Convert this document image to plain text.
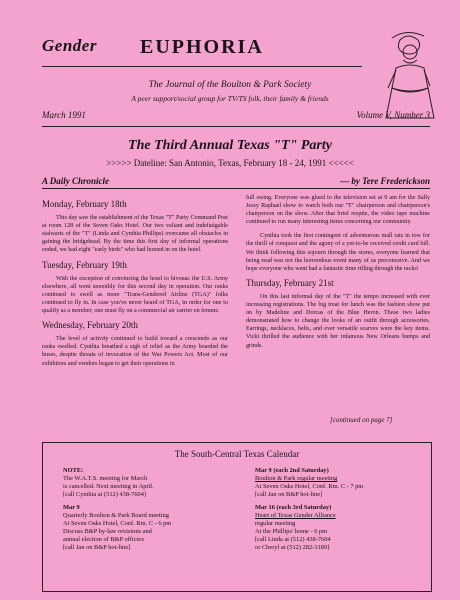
Gender EUPHORIA
The Journal of the Boulton & Park Society
A peer support/social group for TV/TS folk, their family & friends
March 1991	Volume V, Number 3
The Third Annual Texas "T" Party
>>>>> Dateline: San Antonio, Texas, February 18 - 24, 1991 <<<<<
A Daily Chronicle	— by Tere Frederickson
Monday, February 18th

This day saw the establishment of the Texas "T" Party Command Post at room 128 of the Seven Oaks Hotel. Our two valiant and indefatigable stalwarts of the "T" (Linda and Cynthia Phillips) overcame all obstacles in gaining the bridgehead. By the time this first day of informal operations ended, we had eight "early birds" who had homed in on the hotel.

Tuesday, February 19th

With the exception of convincing the hotel to bivouac the U.S. Army elsewhere, all went smoothly for this second day in operation. Our ranks continued to swell as more "Trans-Gendered Airline (TGA)" folks continued to fly in. In case you've never heard of TGA, in order for one to qualify as a member, one must fly on a commercial air carrier en femme.

Wednesday, February 20th

The level of activity continued to build toward a crescendo as our ranks swelled. Cynthia breathed a sigh of relief as the Army boarded the buses, despite threats of invocation of the War Powers Act. Most of our exhibitors and vendors began to get their operations in

full swing. Everyone was glued to the television set at 9 am for the Sally Jessy Raphael show to watch both our "T" chairperson and chairperson's chairperson on the show. After that brief respite, the video tape machine continued to run many interesting items concerning our community.

Cynthia took the first contingent of adventurous mall rats in tow for the thrill of conquest and the agony of a yet-to-be received credit card bill. We think following this sojourn through the stores, everyone learned that being read was not the horrendous event many of us preconceive. And we hope everyone who went had a fantastic time rifling through the racks!

Thursday, February 21st

On this last informal day of the "T" the tempo increased with ever increasing registrations. The big treat for lunch was the fashion show put on by Madeline and Dorcas of the Blue Heron. These two ladies demonstrated how to change the looks of an outfit through accessories. Earrings, necklaces, belts, and ever versatile scarves were the key items. Vicki thrilled the audience with her infamous New Orleans bumps and grinds.

[continued on page 7]
The South-Central Texas Calendar
NOTE:
The W.A.T.S. meeting for March
is cancelled. Next meeting in April.
[call Cynthia at (512) 438-7604]
Mar 9
Quarterly Boulton & Park Board meeting
At Seven Oaks Hotel, Conf. Rm. C - 6 pm
Discuss B&P by-law revisions and
annual election of B&P officers
[call Jan on B&P hot-line]
Mar 9 (each 2nd Saturday)
Boulton & Park regular meeting
At Seven Oaks Hotel, Conf. Rm. C - 7 pm
[call Jan on B&P hot-line]
Mar 16 (each 3rd Saturday)
Heart of Texas Gender Alliance
regular meeting
At the Phillips' home - 6 pm
[call Linda at (512) 438-7604
or Cheryl at (512) 282-3189]
